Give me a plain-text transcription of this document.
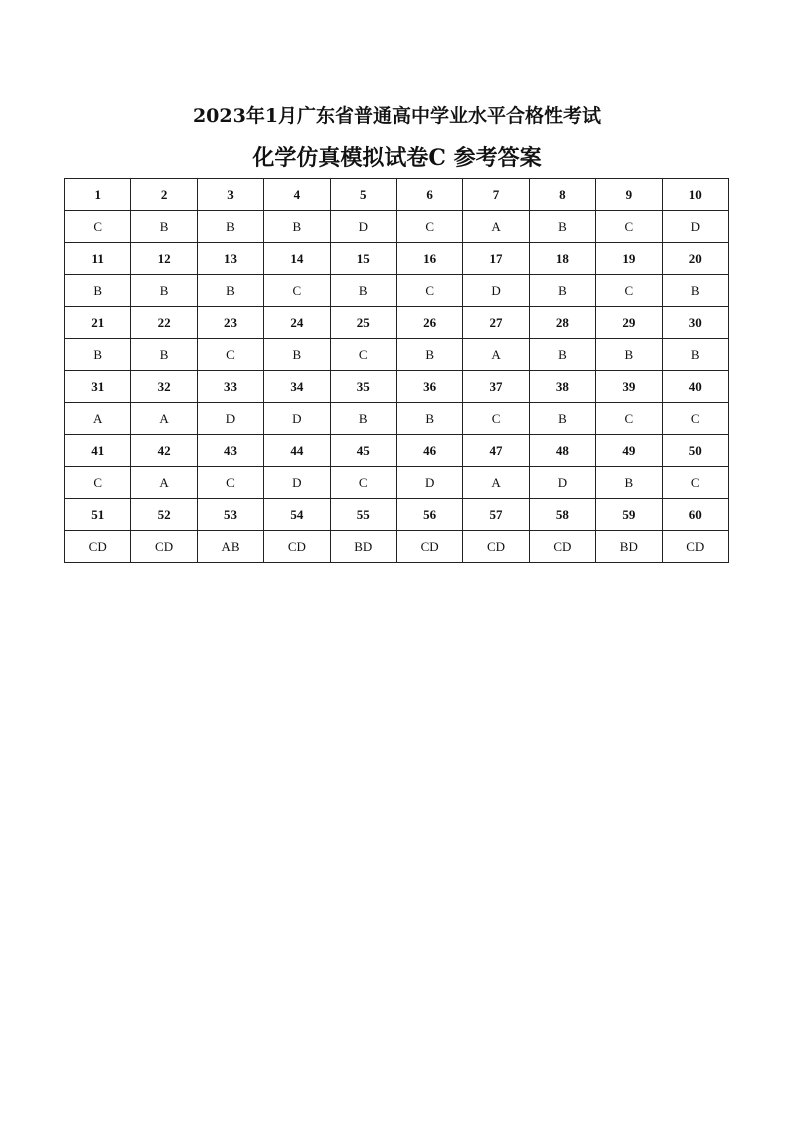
2023年1月广东省普通高中学业水平合格性考试
化学仿真模拟试卷C 参考答案
1	2	3	4	5	6	7	8	9	10
C	B	B	B	D	C	A	B	C	D
11	12	13	14	15	16	17	18	19	20
B	B	B	C	B	C	D	B	C	B
21	22	23	24	25	26	27	28	29	30
B	B	C	B	C	B	A	B	B	B
31	32	33	34	35	36	37	38	39	40
A	A	D	D	B	B	C	B	C	C
41	42	43	44	45	46	47	48	49	50
C	A	C	D	C	D	A	D	B	C
51	52	53	54	55	56	57	58	59	60
CD	CD	AB	CD	BD	CD	CD	CD	BD	CD
